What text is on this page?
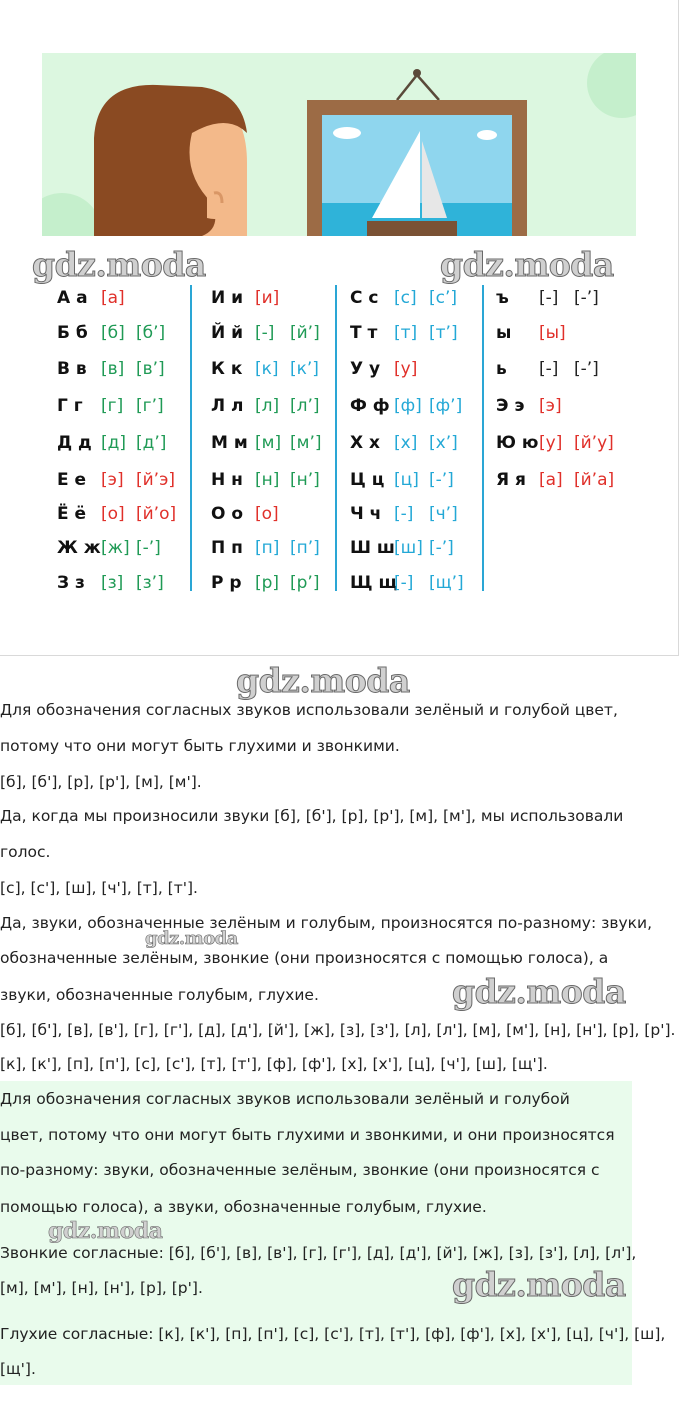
gdz.moda	gdz.moda
А а [а]
Б б [б] [б’]
В в [в] [в’]
Г г [г] [г’]
Д д [д] [д’]
Е е [э] [й’э]
Ё ё [о] [й’о]
Ж ж [ж] [-’]
З з [з] [з’]
И и [и]
Й й [-] [й’]
К к [к] [к’]
Л л [л] [л’]
М м [м] [м’]
Н н [н] [н’]
О о [о]
П п [п] [п’]
Р р [р] [р’]
С с [с] [с’]
Т т [т] [т’]
У у [у]
Ф ф [ф] [ф’]
Х х [х] [х’]
Ц ц [ц] [-’]
Ч ч [-] [ч’]
Ш ш [ш] [-’]
Щ щ
[-] [щ’]
ъ [-] [-’]
ы [ы]
ь [-] [-’]
Э э [э]
Ю ю [у] [й’у]
Я я [а] [й’а]
gdz.moda
Для обозначения согласных звуков использовали зелёный и голубой цвет,
потому что они могут быть глухими и звонкими.
[б], [б'], [р], [р'], [м], [м'].
Да, когда мы произносили звуки [б], [б'], [р], [р'], [м], [м'], мы использовали
голос.
[с], [с'], [ш], [ч'], [т], [т'].
Да, звуки, обозначенные зелёным и голубым, произносятся по-разному: звуки,
обозначенные зелёным, звонкие (они произносятся с помощью голоса), а
звуки, обозначенные голубым, глухие.
[б], [б'], [в], [в'], [г], [г'], [д], [д'], [й'], [ж], [з], [з'], [л], [л'], [м], [м'], [н], [н'], [р], [р'].
[к], [к'], [п], [п'], [с], [с'], [т], [т'], [ф], [ф'], [х], [х'], [ц], [ч'], [ш], [щ'].
gdz.moda
gdz.moda
Для обозначения согласных звуков использовали зелёный и голубой
цвет, потому что они могут быть глухими и звонкими, и они произносятся
по-разному: звуки, обозначенные зелёным, звонкие (они произносятся с
помощью голоса), а звуки, обозначенные голубым, глухие.
Звонкие согласные: [б], [б'], [в], [в'], [г], [г'], [д], [д'], [й'], [ж], [з], [з'], [л], [л'],
[м], [м'], [н], [н'], [р], [р'].
Глухие согласные: [к], [к'], [п], [п'], [с], [с'], [т], [т'], [ф], [ф'], [х], [х'], [ц], [ч'], [ш],
[щ'].
gdz.moda
gdz.moda
